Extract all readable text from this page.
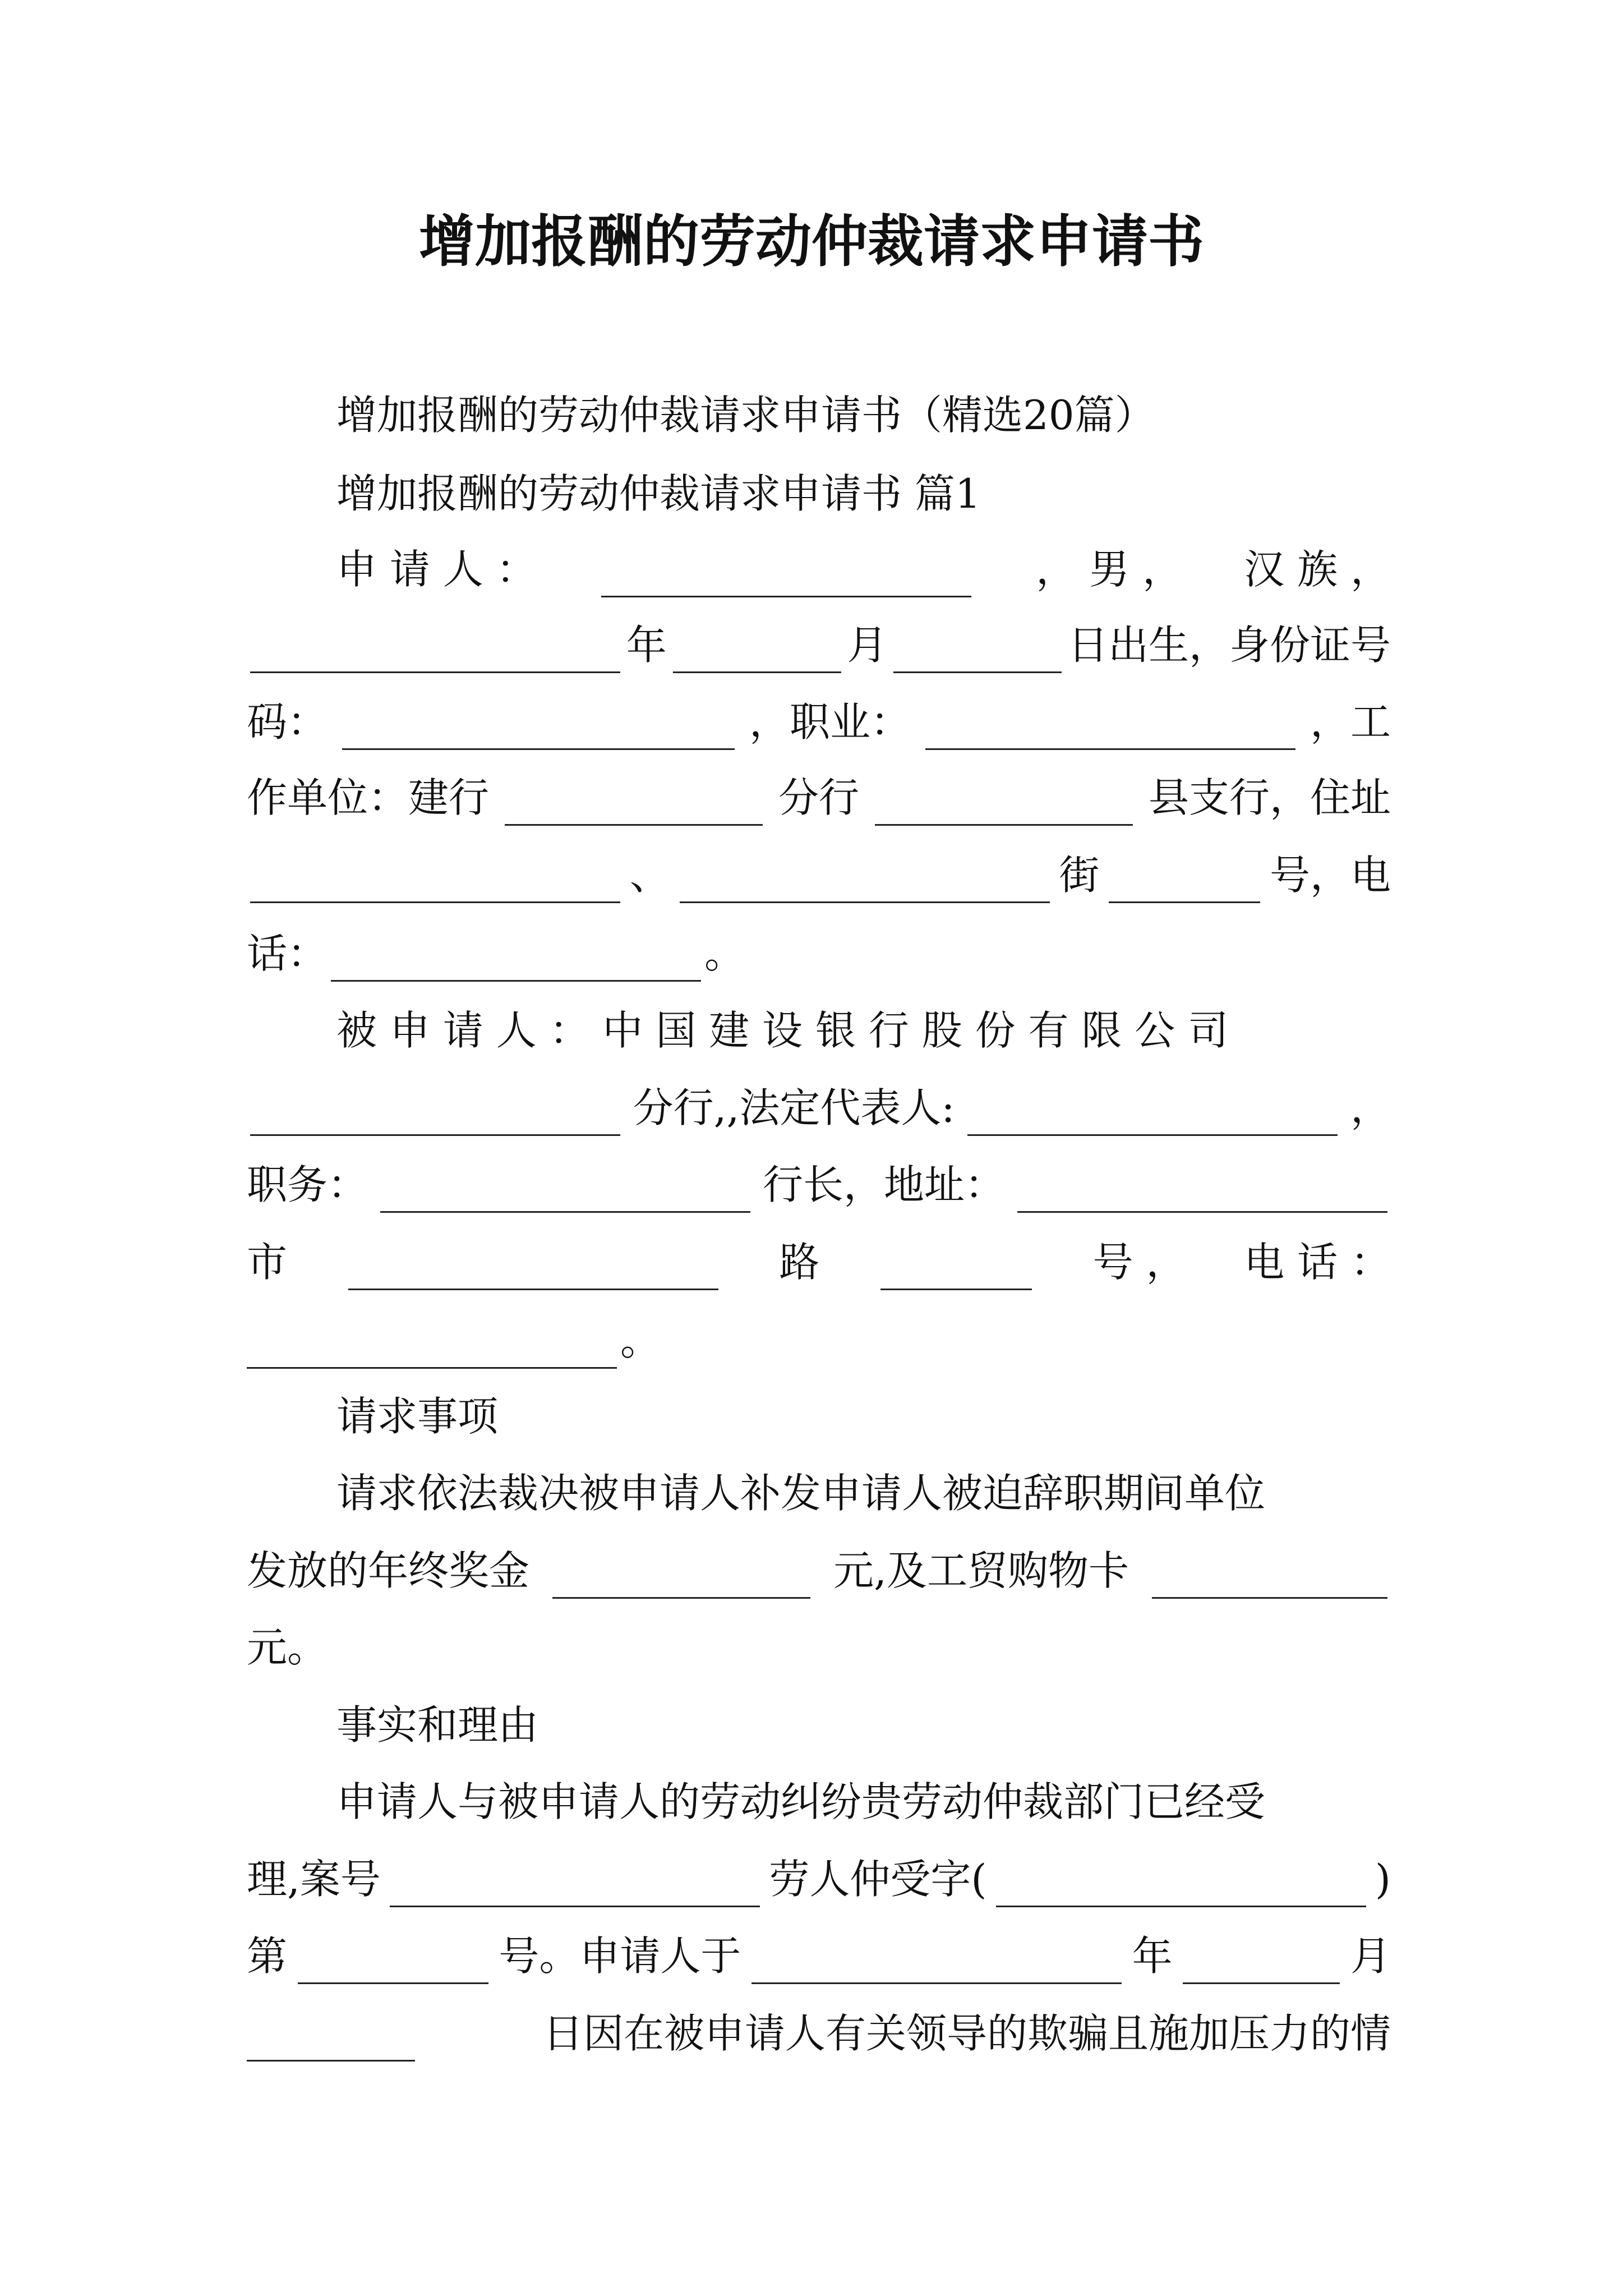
增加报酬的劳动仲裁请求申请书
增加报酬的劳动仲裁请求申请书（精选20篇）
增加报酬的劳动仲裁请求申请书 篇1
申 请 人 ：	， 男 ， 汉 族 ，
年	月	日出生，身份证号
码：	，职业：	，工
作单位：建行	分行	县支行，住址
、	街	号，电
话：	。
被 申 请 人 ： 中 国 建 设 银 行 股 份 有 限 公 司
分行,,法定代表人:	，
职务：	行长，地址：
市	路	号 ， 电 话 ：
。
请求事项
请求依法裁决被申请人补发申请人被迫辞职期间单位
发放的年终奖金	元,及工贸购物卡
元。
事实和理由
申请人与被申请人的劳动纠纷贵劳动仲裁部门已经受
理,案号	劳人仲受字(	)
第	号。申请人于	年	月
日因在被申请人有关领导的欺骗且施加压力的情
